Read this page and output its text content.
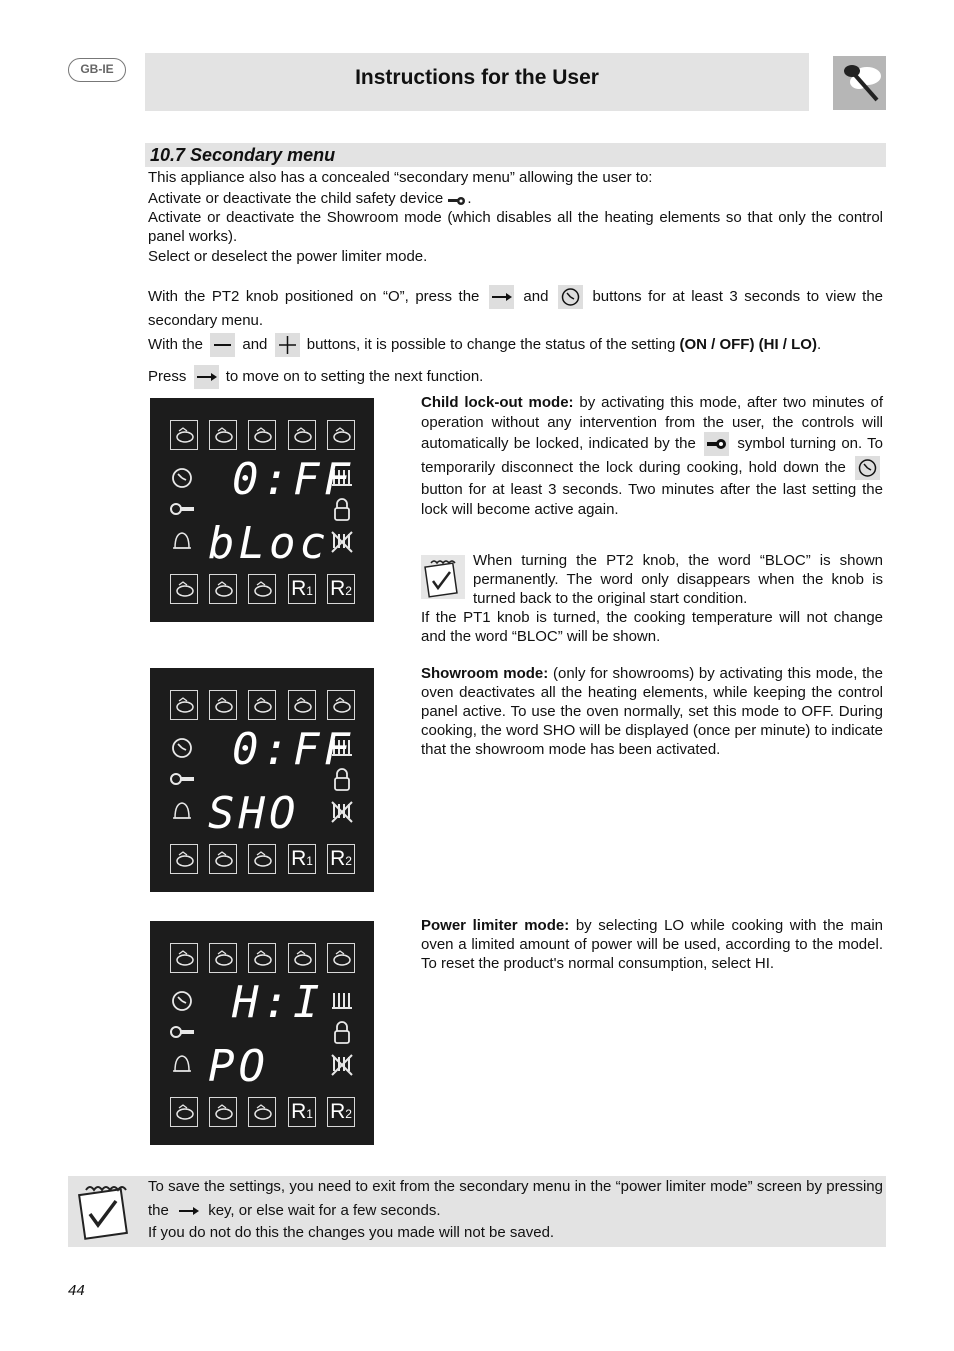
GB-IE	Instructions for the User
10.7 Secondary menu
This appliance also has a concealed “secondary menu” allowing the user to:
Activate or deactivate the child safety device .
Activate or deactivate the Showroom mode (which disables all the heating elements so that only the control panel works).
Select or deselect the power limiter mode.
With the PT2 knob positioned on “O”, press the	and	buttons for at least 3 seconds to view the secondary menu.
With the	and	buttons, it is possible to change the status of the setting (ON / OFF) (HI / LO).
Press	to move on to setting the next function.
0:FF
bLoc
R1 R2
0:FF
SHO
R1 R2
H:I
PO
R1 R2
Child lock-out mode: by activating this mode, after two minutes of operation without any intervention from the user, the controls will automatically be locked, indicated by the	symbol turning on. To temporarily disconnect the lock during cooking, hold down the
button for at least 3 seconds. Two minutes after the last setting the lock will become active again.
When turning the PT2 knob, the word “BLOC” is shown permanently. The word only disappears when the knob is turned back to the original start condition.
If the PT1 knob is turned, the cooking temperature will not change and the word “BLOC” will be shown.
Showroom mode: (only for showrooms) by activating this mode, the oven deactivates all the heating elements, while keeping the control panel active. To use the oven normally, set this mode to OFF. During cooking, the word SHO will be displayed (once per minute) to indicate that the showroom mode has been activated.
Power limiter mode: by selecting LO while cooking with the main oven a limited amount of power will be used, according to the model. To reset the product's normal consumption, select HI.
To save the settings, you need to exit from the secondary menu in the “power limiter mode” screen by pressing the	key, or else wait for a few seconds.
If you do not do this the changes you made will not be saved.
44
